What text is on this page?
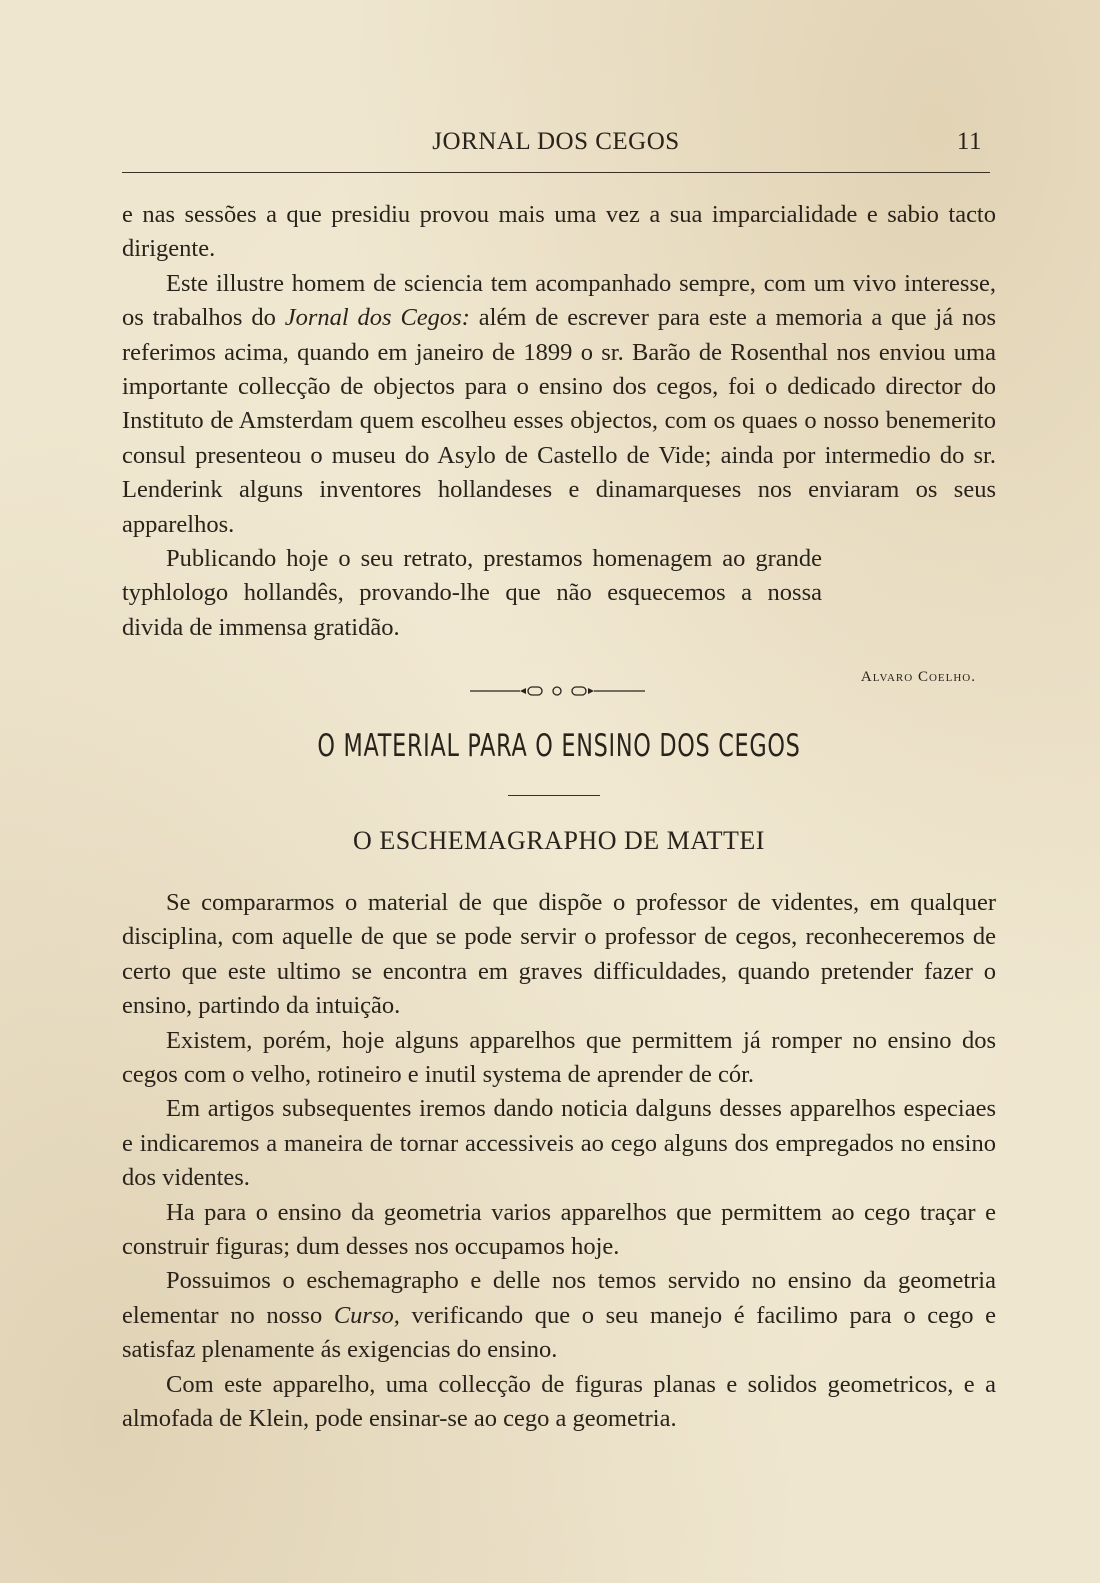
JORNAL DOS CEGOS	11

e nas sessões a que presidiu provou mais uma vez a sua imparcialidade e sabio tacto dirigente.

Este illustre homem de sciencia tem acompanhado sempre, com um vivo interesse, os trabalhos do Jornal dos Cegos: além de escrever para este a memoria a que já nos referimos acima, quando em janeiro de 1899 o sr. Barão de Rosenthal nos enviou uma importante collecção de objectos para o ensino dos cegos, foi o dedicado director do Instituto de Amsterdam quem escolheu esses objectos, com os quaes o nosso benemerito consul presenteou o museu do Asylo de Castello de Vide; ainda por intermedio do sr. Lenderink alguns inventores hollandeses e dinamarqueses nos enviaram os seus apparelhos.

Publicando hoje o seu retrato, prestamos homenagem ao grande typhlologo hollandês, provando-lhe que não esquecemos a nossa divida de immensa gratidão.

Alvaro Coelho.
O MATERIAL PARA O ENSINO DOS CEGOS
O ESCHEMAGRAPHO DE MATTEI

Se compararmos o material de que dispõe o professor de videntes, em qualquer disciplina, com aquelle de que se pode servir o professor de cegos, reconheceremos de certo que este ultimo se encontra em graves difficuldades, quando pretender fazer o ensino, partindo da intuição.

Existem, porém, hoje alguns apparelhos que permittem já romper no ensino dos cegos com o velho, rotineiro e inutil systema de aprender de cór.

Em artigos subsequentes iremos dando noticia dalguns desses apparelhos especiaes e indicaremos a maneira de tornar accessiveis ao cego alguns dos empregados no ensino dos videntes.

Ha para o ensino da geometria varios apparelhos que permittem ao cego traçar e construir figuras; dum desses nos occupamos hoje.

Possuimos o eschemagrapho e delle nos temos servido no ensino da geometria elementar no nosso Curso, verificando que o seu manejo é facilimo para o cego e satisfaz plenamente ás exigencias do ensino.

Com este apparelho, uma collecção de figuras planas e solidos geometricos, e a almofada de Klein, pode ensinar-se ao cego a geometria.
